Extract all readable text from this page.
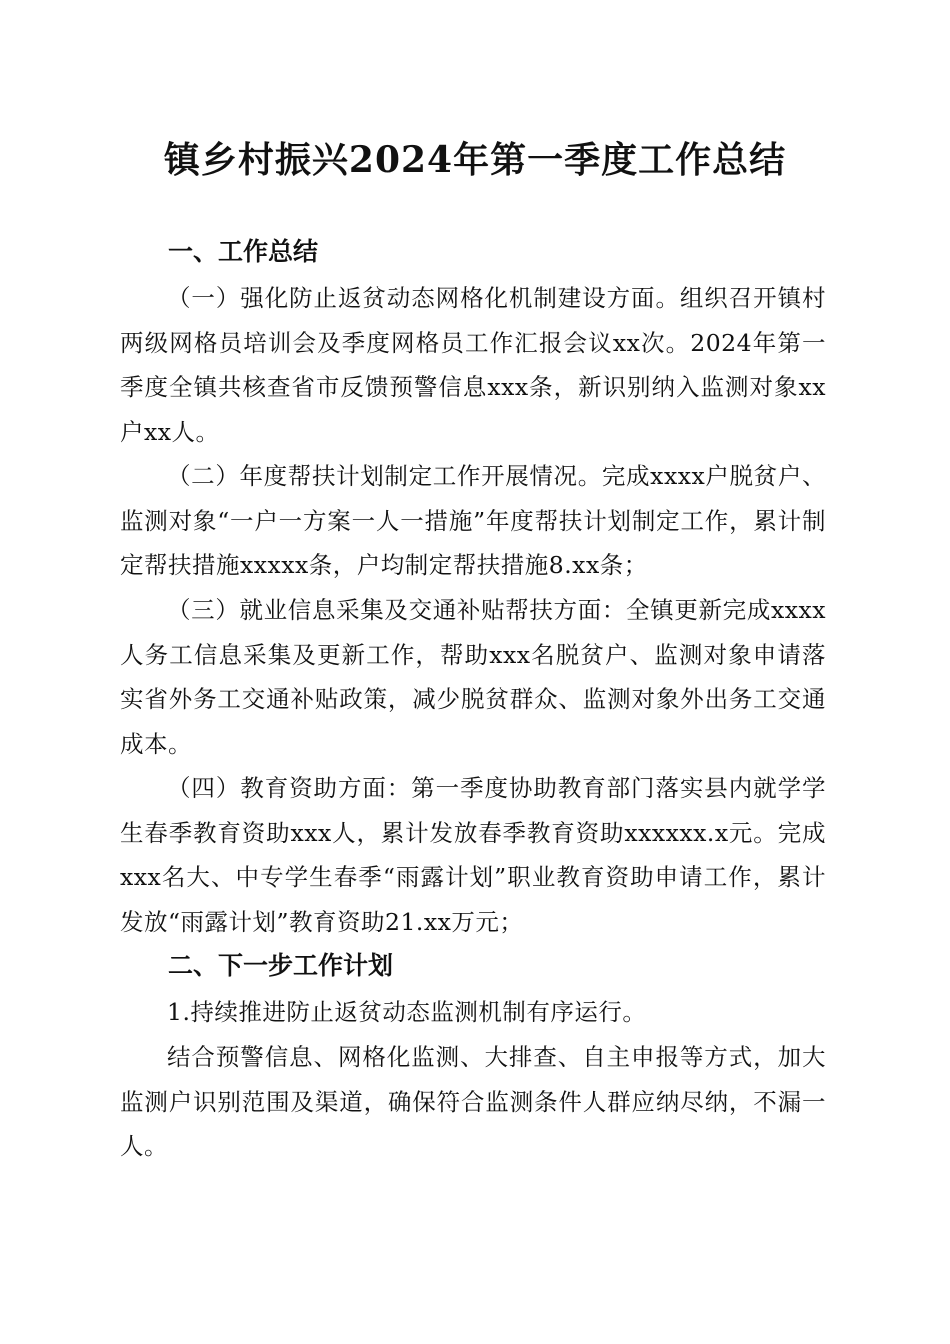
镇乡村振兴2024年第一季度工作总结
一、工作总结

（一）强化防止返贫动态网格化机制建设方面。组织召开镇村两级网格员培训会及季度网格员工作汇报会议xx次。2024年第一季度全镇共核查省市反馈预警信息xxx条，新识别纳入监测对象xx户xx人。

（二）年度帮扶计划制定工作开展情况。完成xxxx户脱贫户、监测对象“一户一方案一人一措施”年度帮扶计划制定工作，累计制定帮扶措施xxxxx条，户均制定帮扶措施8.xx条；

（三）就业信息采集及交通补贴帮扶方面：全镇更新完成xxxx人务工信息采集及更新工作，帮助xxx名脱贫户、监测对象申请落实省外务工交通补贴政策，减少脱贫群众、监测对象外出务工交通成本。

（四）教育资助方面：第一季度协助教育部门落实县内就学学生春季教育资助xxx人，累计发放春季教育资助xxxxxx.x元。完成xxx名大、中专学生春季“雨露计划”职业教育资助申请工作，累计发放“雨露计划”教育资助21.xx万元；

二、下一步工作计划

1.持续推进防止返贫动态监测机制有序运行。

结合预警信息、网格化监测、大排查、自主申报等方式，加大监测户识别范围及渠道，确保符合监测条件人群应纳尽纳，不漏一人。
